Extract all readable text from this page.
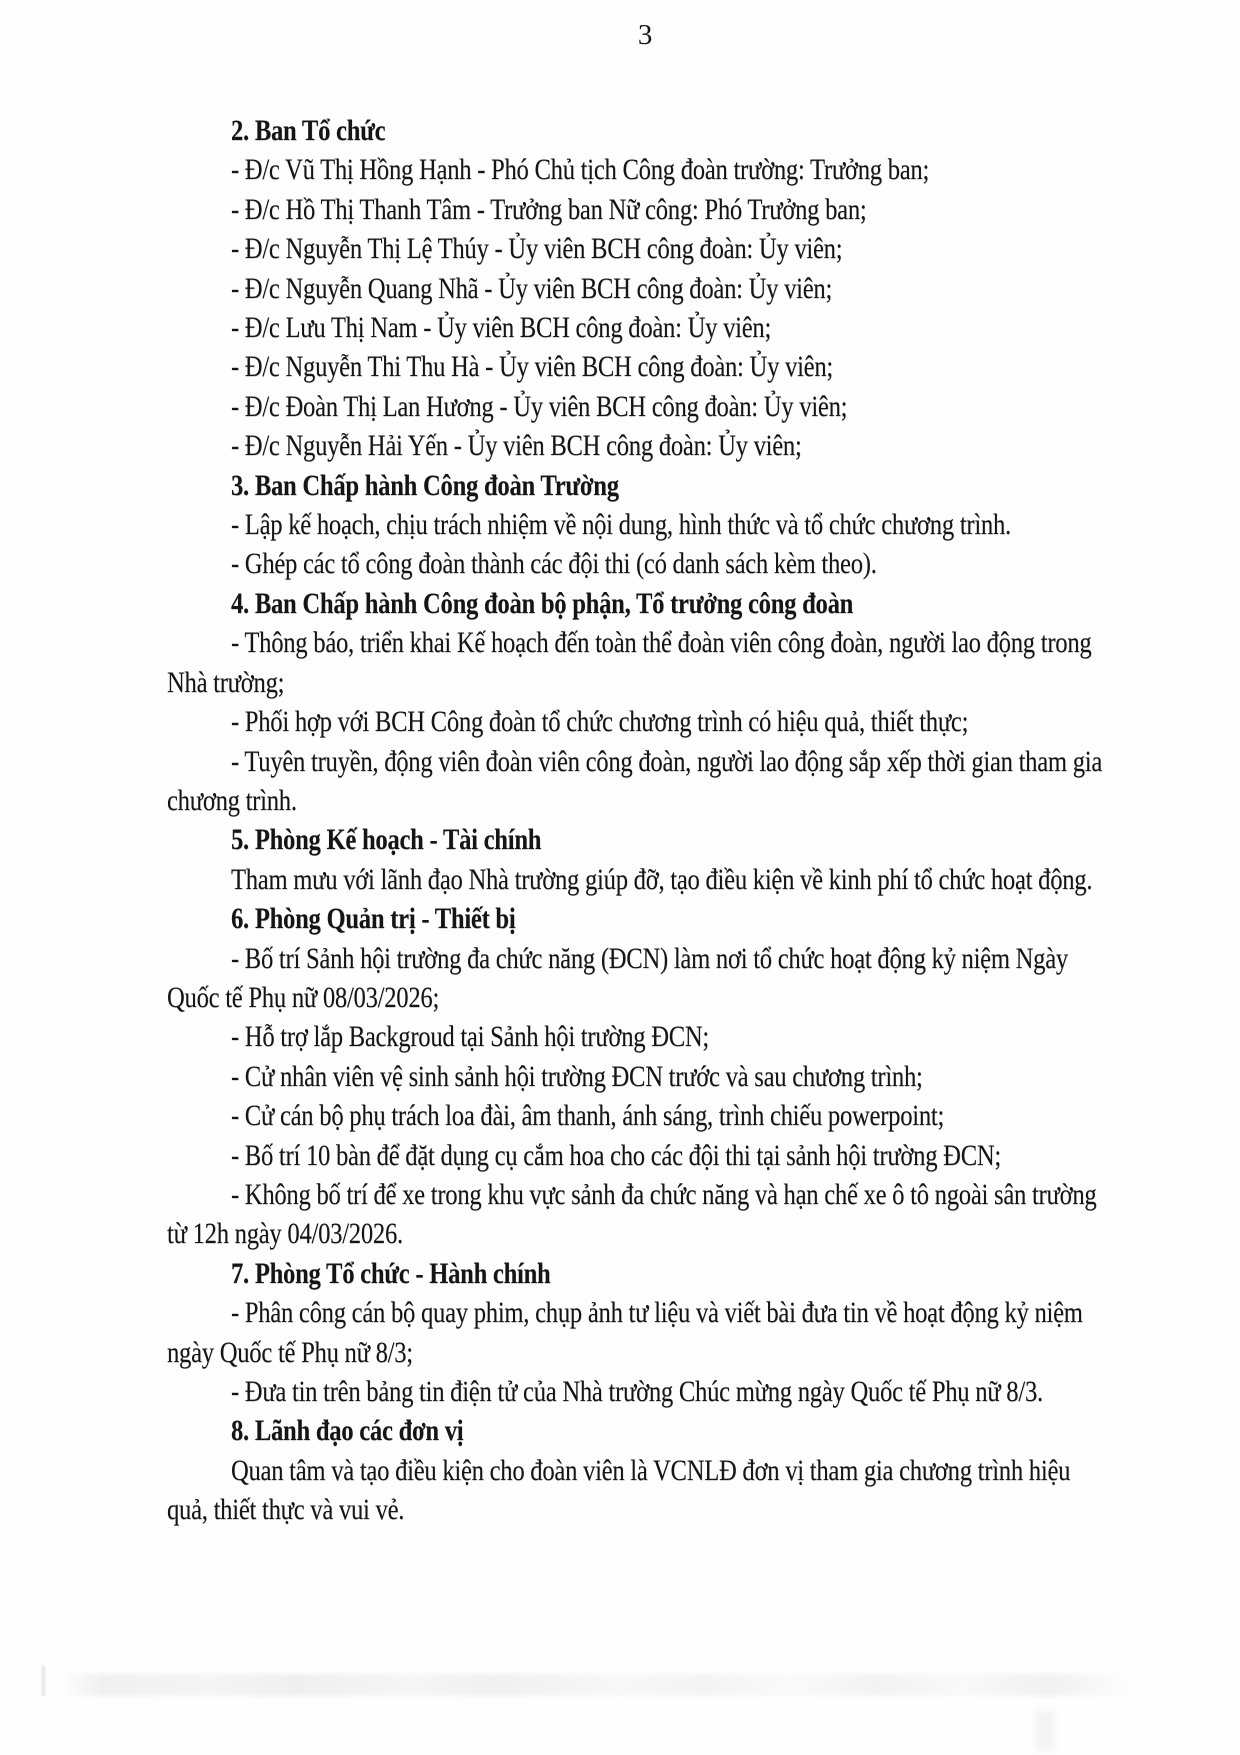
3

2. Ban Tổ chức

- Đ/c Vũ Thị Hồng Hạnh - Phó Chủ tịch Công đoàn trường: Trưởng ban;

- Đ/c Hồ Thị Thanh Tâm - Trưởng ban Nữ công: Phó Trưởng ban;

- Đ/c Nguyễn Thị Lệ Thúy - Ủy viên BCH công đoàn: Ủy viên;

- Đ/c Nguyễn Quang Nhã - Ủy viên BCH công đoàn: Ủy viên;

- Đ/c Lưu Thị Nam - Ủy viên BCH công đoàn: Ủy viên;

- Đ/c Nguyễn Thi Thu Hà - Ủy viên BCH công đoàn: Ủy viên;

- Đ/c Đoàn Thị Lan Hương - Ủy viên BCH công đoàn: Ủy viên;

- Đ/c Nguyễn Hải Yến - Ủy viên BCH công đoàn: Ủy viên;

3. Ban Chấp hành Công đoàn Trường

- Lập kế hoạch, chịu trách nhiệm về nội dung, hình thức và tổ chức chương trình.

- Ghép các tổ công đoàn thành các đội thi (có danh sách kèm theo).

4. Ban Chấp hành Công đoàn bộ phận, Tổ trưởng công đoàn

- Thông báo, triển khai Kế hoạch đến toàn thể đoàn viên công đoàn, người lao động trong Nhà trường;

- Phối hợp với BCH Công đoàn tổ chức chương trình có hiệu quả, thiết thực;

- Tuyên truyền, động viên đoàn viên công đoàn, người lao động sắp xếp thời gian tham gia chương trình.

5. Phòng Kế hoạch - Tài chính

Tham mưu với lãnh đạo Nhà trường giúp đỡ, tạo điều kiện về kinh phí tổ chức hoạt động.

6. Phòng Quản trị - Thiết bị

- Bố trí Sảnh hội trường đa chức năng (ĐCN) làm nơi tổ chức hoạt động kỷ niệm Ngày Quốc tế Phụ nữ 08/03/2026;

- Hỗ trợ lắp Backgroud tại Sảnh hội trường ĐCN;

- Cử nhân viên vệ sinh sảnh hội trường ĐCN trước và sau chương trình;

- Cử cán bộ phụ trách loa đài, âm thanh, ánh sáng, trình chiếu powerpoint;

- Bố trí 10 bàn để đặt dụng cụ cắm hoa cho các đội thi tại sảnh hội trường ĐCN;

- Không bố trí để xe trong khu vực sảnh đa chức năng và hạn chế xe ô tô ngoài sân trường từ 12h ngày 04/03/2026.

7. Phòng Tổ chức - Hành chính

- Phân công cán bộ quay phim, chụp ảnh tư liệu và viết bài đưa tin về hoạt động kỷ niệm ngày Quốc tế Phụ nữ 8/3;

- Đưa tin trên bảng tin điện tử của Nhà trường Chúc mừng ngày Quốc tế Phụ nữ 8/3.

8. Lãnh đạo các đơn vị

Quan tâm và tạo điều kiện cho đoàn viên là VCNLĐ đơn vị tham gia chương trình hiệu quả, thiết thực và vui vẻ.
